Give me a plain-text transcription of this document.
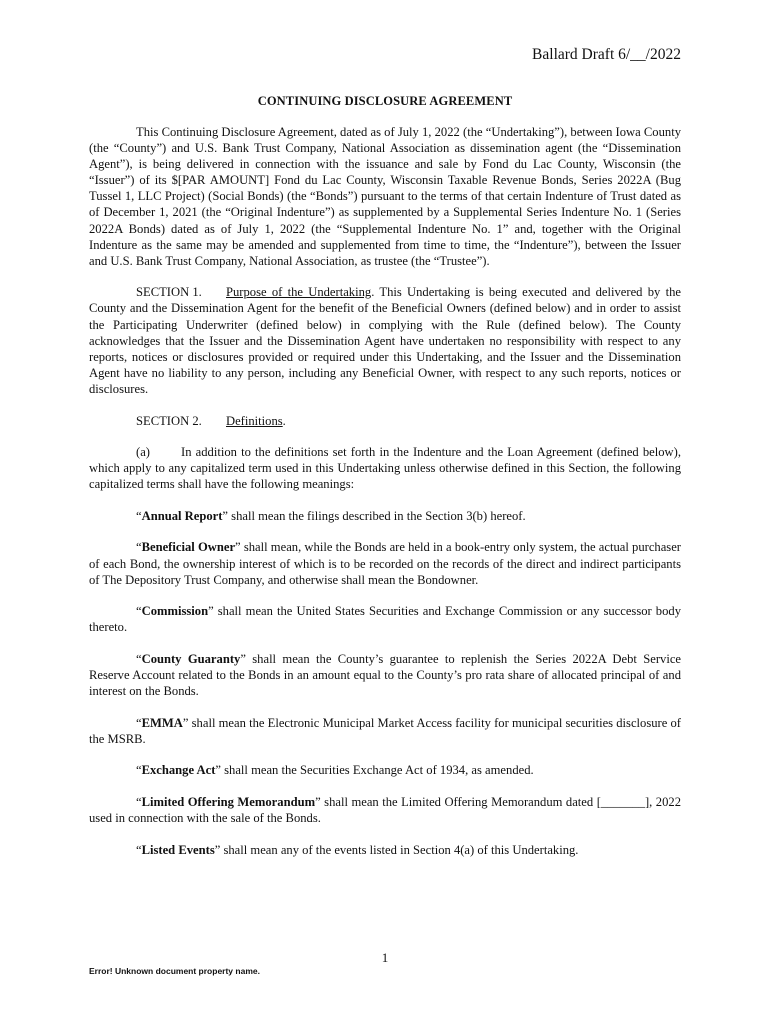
Ballard Draft 6/__/2022
CONTINUING DISCLOSURE AGREEMENT

This Continuing Disclosure Agreement, dated as of July 1, 2022 (the “Undertaking”), between Iowa County (the “County”) and U.S. Bank Trust Company, National Association as dissemination agent (the “Dissemination Agent”), is being delivered in connection with the issuance and sale by Fond du Lac County, Wisconsin (the “Issuer”) of its $[PAR AMOUNT] Fond du Lac County, Wisconsin Taxable Revenue Bonds, Series 2022A (Bug Tussel 1, LLC Project) (Social Bonds) (the “Bonds”) pursuant to the terms of that certain Indenture of Trust dated as of December 1, 2021 (the “Original Indenture”) as supplemented by a Supplemental Series Indenture No. 1 (Series 2022A Bonds) dated as of July 1, 2022 (the “Supplemental Indenture No. 1” and, together with the Original Indenture as the same may be amended and supplemented from time to time, the “Indenture”), between the Issuer and U.S. Bank Trust Company, National Association, as trustee (the “Trustee”).

SECTION 1. Purpose of the Undertaking. This Undertaking is being executed and delivered by the County and the Dissemination Agent for the benefit of the Beneficial Owners (defined below) and in order to assist the Participating Underwriter (defined below) in complying with the Rule (defined below). The County acknowledges that the Issuer and the Dissemination Agent have undertaken no responsibility with respect to any reports, notices or disclosures provided or required under this Undertaking, and the Issuer and the Dissemination Agent have no liability to any person, including any Beneficial Owner, with respect to any such reports, notices or disclosures.

SECTION 2. Definitions.

(a) In addition to the definitions set forth in the Indenture and the Loan Agreement (defined below), which apply to any capitalized term used in this Undertaking unless otherwise defined in this Section, the following capitalized terms shall have the following meanings:

“Annual Report” shall mean the filings described in the Section 3(b) hereof.

“Beneficial Owner” shall mean, while the Bonds are held in a book-entry only system, the actual purchaser of each Bond, the ownership interest of which is to be recorded on the records of the direct and indirect participants of The Depository Trust Company, and otherwise shall mean the Bondowner.

“Commission” shall mean the United States Securities and Exchange Commission or any successor body thereto.

“County Guaranty” shall mean the County’s guarantee to replenish the Series 2022A Debt Service Reserve Account related to the Bonds in an amount equal to the County’s pro rata share of allocated principal of and interest on the Bonds.

“EMMA” shall mean the Electronic Municipal Market Access facility for municipal securities disclosure of the MSRB.

“Exchange Act” shall mean the Securities Exchange Act of 1934, as amended.

“Limited Offering Memorandum” shall mean the Limited Offering Memorandum dated [_______], 2022 used in connection with the sale of the Bonds.

“Listed Events” shall mean any of the events listed in Section 4(a) of this Undertaking.

1
Error! Unknown document property name.
